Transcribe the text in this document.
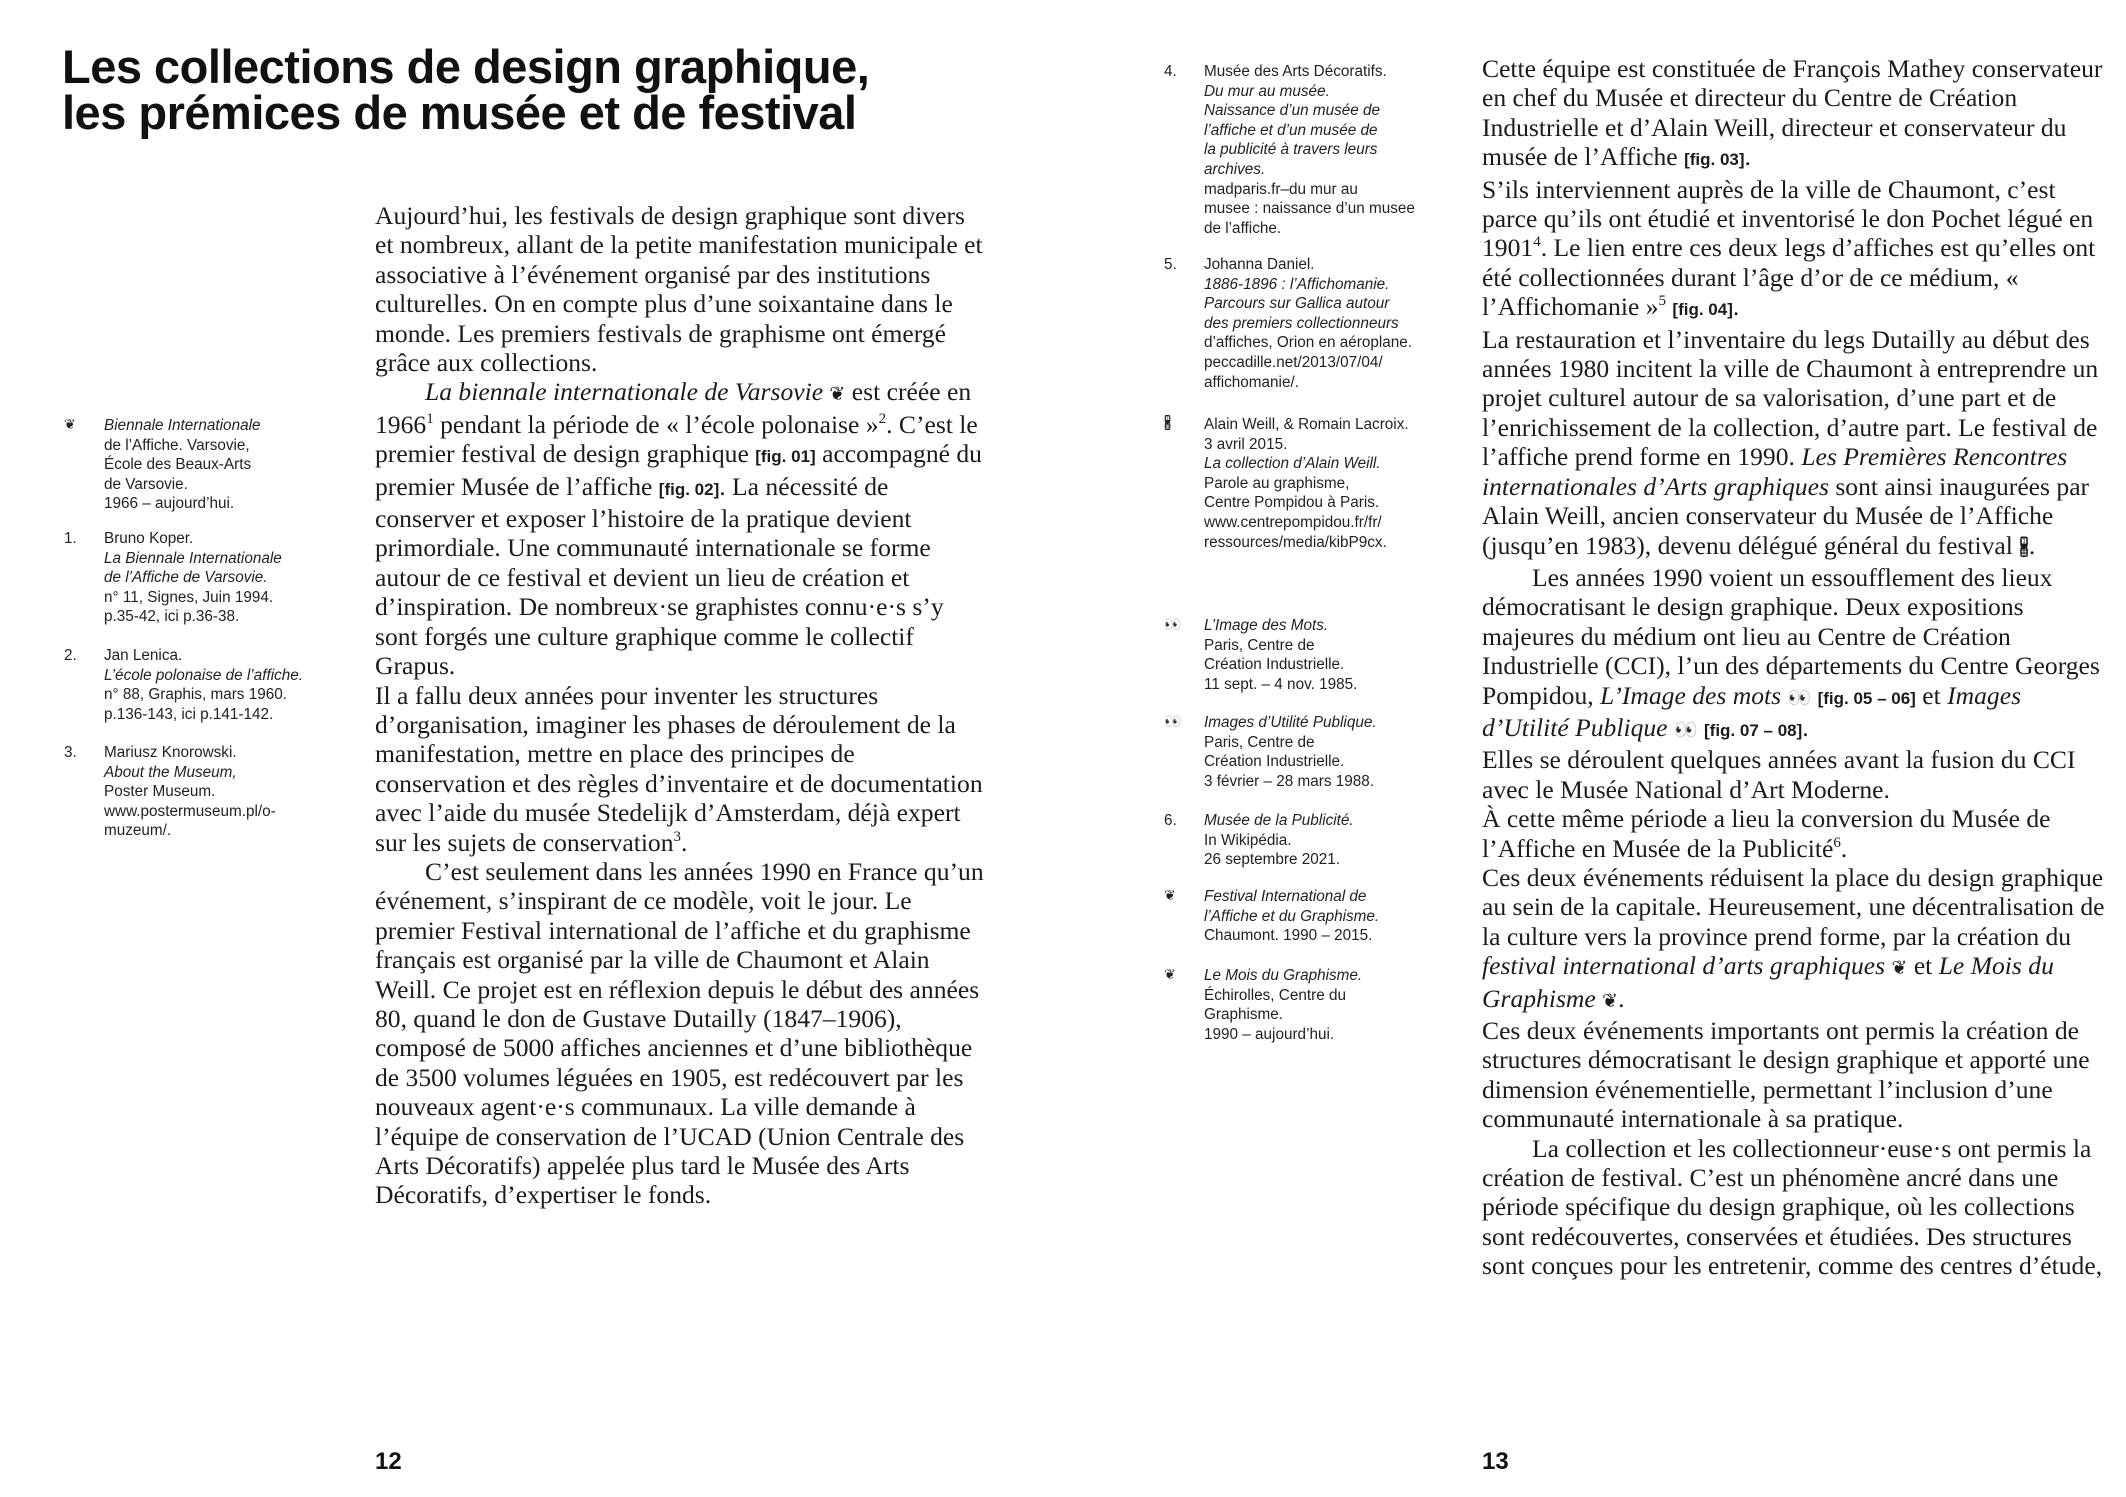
Les collections de design graphique,
les prémices de musée et de festival
❦	Biennale Internationale
de l’Affiche. Varsovie,
École des Beaux-Arts
de Varsovie.
1966 – aujourd’hui.
1.	Bruno Koper.
La Biennale Internationale
de l’Affiche de Varsovie.
n° 11, Signes, Juin 1994.
p.35-42, ici p.36-38.
2.	Jan Lenica.
L’école polonaise de l’affiche.
n° 88, Graphis, mars 1960.
p.136-143, ici p.141-142.
3.	Mariusz Knorowski.
About the Museum,
Poster Museum.
www.postermuseum.pl/o-
muzeum/.

Aujourd’hui, les festivals de design graphique sont divers et nombreux, allant de la petite manifestation municipale et associative à l’événement organisé par des institutions culturelles. On en compte plus d’une soixantaine dans le monde. Les premiers festivals de graphisme ont émergé grâce aux collections.

La biennale internationale de Varsovie ❦ est créée en 1966$^1$ pendant la période de « l’école polonaise »$^2$. C’est le premier festival de design graphique [fig. 01] accompagné du premier Musée de l’affiche [fig. 02]. La nécessité de conserver et exposer l’histoire de la pratique devient primordiale. Une communauté internationale se forme autour de ce festival et devient un lieu de création et d’inspiration. De nombreux·se graphistes connu·e·s s’y sont forgés une culture graphique comme le collectif Grapus.

Il a fallu deux années pour inventer les structures d’organisation, imaginer les phases de déroulement de la manifestation, mettre en place des principes de conservation et des règles d’inventaire et de documentation avec l’aide du musée Stedelijk d’Amsterdam, déjà expert sur les sujets de conservation$^3$.

C’est seulement dans les années 1990 en France qu’un événement, s’inspirant de ce modèle, voit le jour. Le premier Festival international de l’affiche et du graphisme français est organisé par la ville de Chaumont et Alain Weill. Ce projet est en réflexion depuis le début des années 80, quand le don de Gustave Dutailly (1847–1906), composé de 5000 affiches anciennes et d’une bibliothèque de 3500 volumes léguées en 1905, est redécouvert par les nouveaux agent·e·s communaux. La ville demande à l’équipe de conservation de l’UCAD (Union Centrale des Arts Décoratifs) appelée plus tard le Musée des Arts Décoratifs, d’expertiser le fonds.

12
4.	Musée des Arts Décoratifs.
Du mur au musée.
Naissance d’un musée de
l’affiche et d’un musée de
la publicité à travers leurs
archives.
madparis.fr–du mur au
musee : naissance d’un musee
de l’affiche.
5.	Johanna Daniel.
1886-1896 : l’Affichomanie.
Parcours sur Gallica autour
des premiers collectionneurs
d’affiches, Orion en aéroplane.
peccadille.net/2013/07/04/
affichomanie/.
🖁	Alain Weill, & Romain Lacroix.
3 avril 2015.
La collection d’Alain Weill.
Parole au graphisme,
Centre Pompidou à Paris.
www.centrepompidou.fr/fr/
ressources/media/kibP9cx.
👀	L’Image des Mots.
Paris, Centre de
Création Industrielle.
11 sept. – 4 nov. 1985.
👀	Images d’Utilité Publique.
Paris, Centre de
Création Industrielle.
3 février – 28 mars 1988.
6.	Musée de la Publicité.
In Wikipédia.
26 septembre 2021.
❦	Festival International de
l’Affiche et du Graphisme.
Chaumont. 1990 – 2015.
❦	Le Mois du Graphisme.
Échirolles, Centre du
Graphisme.
1990 – aujourd’hui.

Cette équipe est constituée de François Mathey conservateur en chef du Musée et directeur du Centre de Création Industrielle et d’Alain Weill, directeur et conservateur du musée de l’Affiche [fig. 03].

S’ils interviennent auprès de la ville de Chaumont, c’est parce qu’ils ont étudié et inventorisé le don Pochet légué en 1901$^4$. Le lien entre ces deux legs d’affiches est qu’elles ont été collectionnées durant l’âge d’or de ce médium, « l’Affichomanie »$^5$ [fig. 04].

La restauration et l’inventaire du legs Dutailly au début des années 1980 incitent la ville de Chaumont à entreprendre un projet culturel autour de sa valorisation, d’une part et de l’enrichissement de la collection, d’autre part. Le festival de l’affiche prend forme en 1990. Les Premières Rencontres internationales d’Arts graphiques sont ainsi inaugurées par Alain Weill, ancien conservateur du Musée de l’Affiche (jusqu’en 1983), devenu délégué général du festival 🖁.

Les années 1990 voient un essoufflement des lieux démocratisant le design graphique. Deux expositions majeures du médium ont lieu au Centre de Création Industrielle (CCI), l’un des départements du Centre Georges Pompidou, L’Image des mots 👀 [fig. 05 – 06] et Images d’Utilité Publique 👀 [fig. 07 – 08].

Elles se déroulent quelques années avant la fusion du CCI avec le Musée National d’Art Moderne.

À cette même période a lieu la conversion du Musée de l’Affiche en Musée de la Publicité$^6$.

Ces deux événements réduisent la place du design graphique au sein de la capitale. Heureusement, une décentralisation de la culture vers la province prend forme, par la création du festival international d’arts graphiques ❦ et Le Mois du Graphisme ❦.

Ces deux événements importants ont permis la création de structures démocratisant le design graphique et apporté une dimension événementielle, permettant l’inclusion d’une communauté internationale à sa pratique.

La collection et les collectionneur·euse·s ont permis la création de festival. C’est un phénomène ancré dans une période spécifique du design graphique, où les collections sont redécouvertes, conservées et étudiées. Des structures sont conçues pour les entretenir, comme des centres d’étude,

13
